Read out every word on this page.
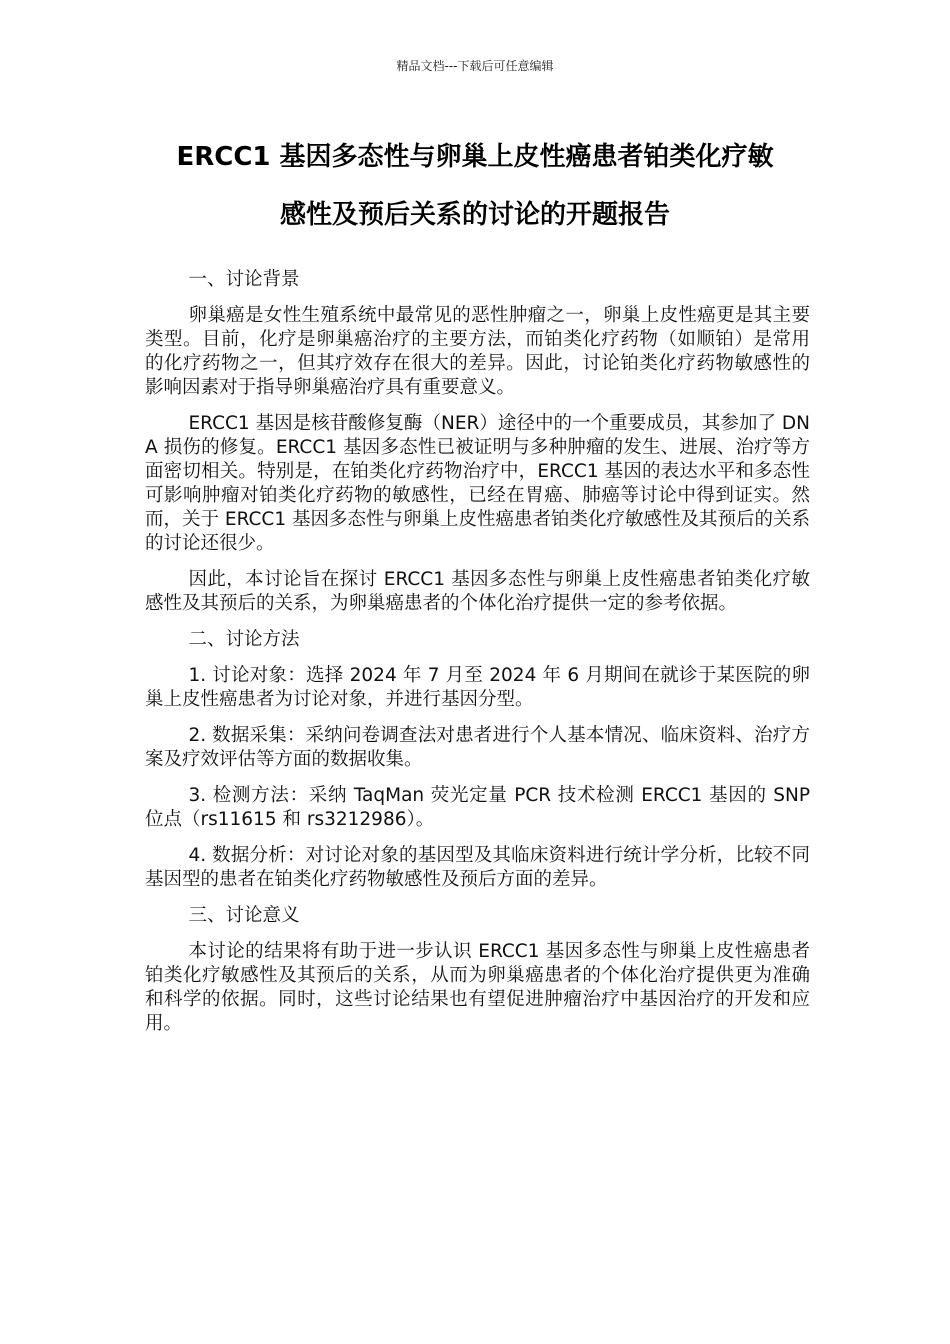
精品文档---下载后可任意编辑
ERCC1 基因多态性与卵巢上皮性癌患者铂类化疗敏
感性及预后关系的讨论的开题报告

一、讨论背景

卵巢癌是女性生殖系统中最常见的恶性肿瘤之一，卵巢上皮性癌更是其主要类型。目前，化疗是卵巢癌治疗的主要方法，而铂类化疗药物（如顺铂）是常用的化疗药物之一，但其疗效存在很大的差异。因此，讨论铂类化疗药物敏感性的影响因素对于指导卵巢癌治疗具有重要意义。

ERCC1 基因是核苷酸修复酶（NER）途径中的一个重要成员，其参加了 DNA 损伤的修复。ERCC1 基因多态性已被证明与多种肿瘤的发生、进展、治疗等方面密切相关。特别是，在铂类化疗药物治疗中，ERCC1 基因的表达水平和多态性可影响肿瘤对铂类化疗药物的敏感性，已经在胃癌、肺癌等讨论中得到证实。然而，关于 ERCC1 基因多态性与卵巢上皮性癌患者铂类化疗敏感性及其预后的关系的讨论还很少。

因此，本讨论旨在探讨 ERCC1 基因多态性与卵巢上皮性癌患者铂类化疗敏感性及其预后的关系，为卵巢癌患者的个体化治疗提供一定的参考依据。

二、讨论方法

1. 讨论对象：选择 2024 年 7 月至 2024 年 6 月期间在就诊于某医院的卵巢上皮性癌患者为讨论对象，并进行基因分型。

2. 数据采集：采纳问卷调查法对患者进行个人基本情况、临床资料、治疗方案及疗效评估等方面的数据收集。

3. 检测方法：采纳 TaqMan 荧光定量 PCR 技术检测 ERCC1 基因的 SNP 位点（rs11615 和 rs3212986）。

4. 数据分析：对讨论对象的基因型及其临床资料进行统计学分析，比较不同基因型的患者在铂类化疗药物敏感性及预后方面的差异。

三、讨论意义

本讨论的结果将有助于进一步认识 ERCC1 基因多态性与卵巢上皮性癌患者铂类化疗敏感性及其预后的关系，从而为卵巢癌患者的个体化治疗提供更为准确和科学的依据。同时，这些讨论结果也有望促进肿瘤治疗中基因治疗的开发和应用。
